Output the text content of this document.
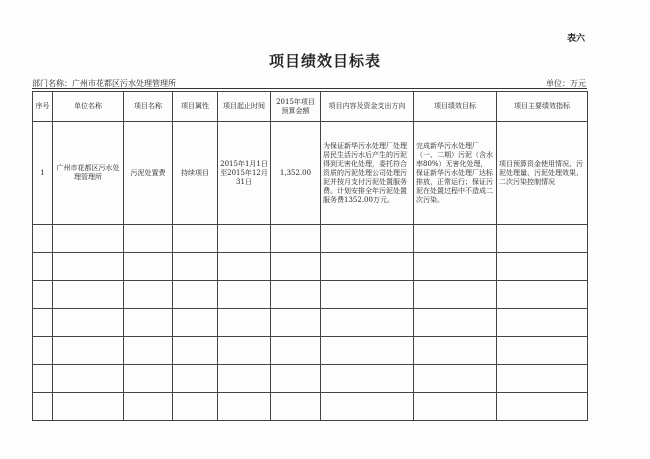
表六
项目绩效目标表
部门名称：广州市花都区污水处理管理所	单位：万元
序号	单位名称	项目名称	项目属性	项目起止时间	2015年项目预算金额	项目内容及资金支出方向	项目绩效目标	项目主要绩效指标
1	广州市花都区污水处理管理所	污泥处置费	持续项目	2015年1月1日至2015年12月31日	1,352.00	为保证新华污水处理厂处理居民生活污水后产生的污泥得到无害化处理，委托符合资质的污泥处理公司处理污泥并按月支付污泥处置服务费。计划安排全年污泥处置服务费1352.00万元。	完成新华污水处理厂（一、二期）污泥（含水率80%）无害化处理，保证新华污水处理厂达标排放，正常运行；保证污泥在处置过程中不造成二次污染。	项目预算资金使用情况、污泥处理量、污泥处理效果、二次污染控制情况
